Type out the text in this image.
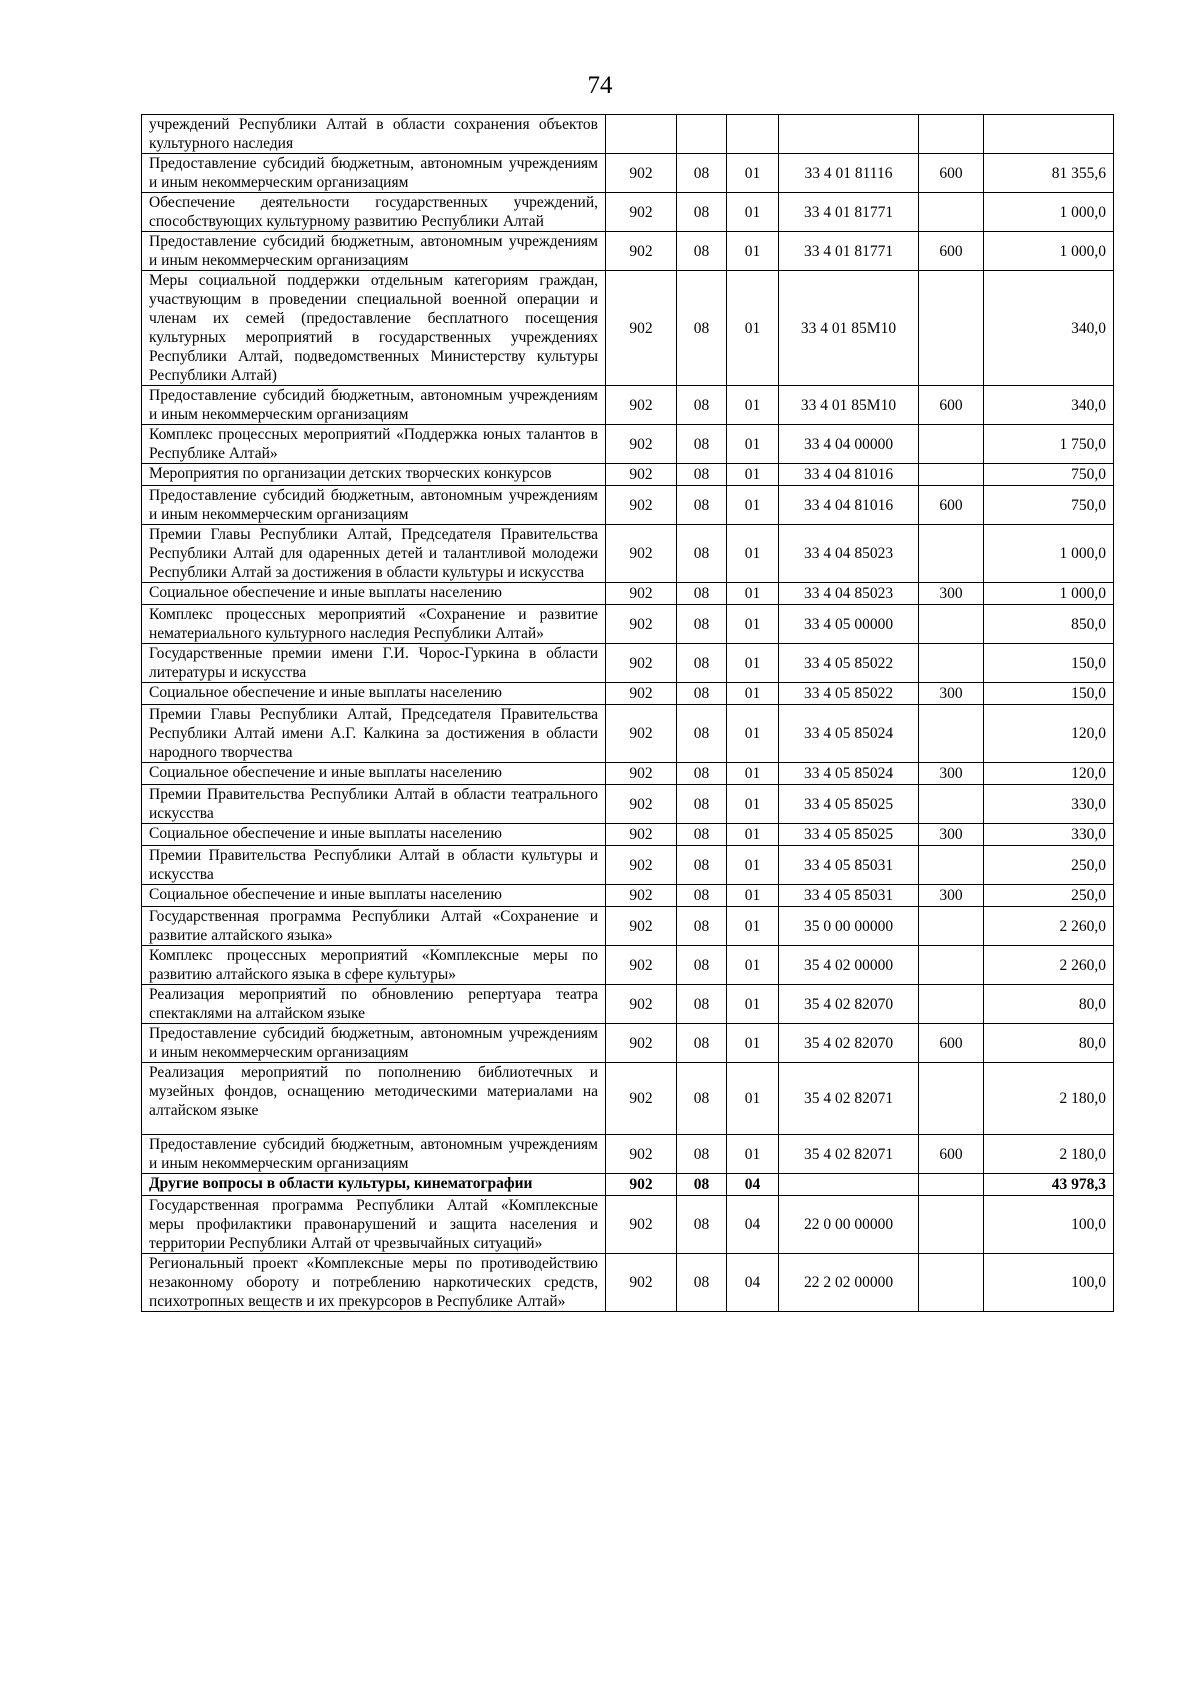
74
учреждений Республики Алтай в области сохранения объектов культурного наследия						
Предоставление субсидий бюджетным, автономным учреждениям и иным некоммерческим организациям	902	08	01	33 4 01 81116	600	81 355,6
Обеспечение деятельности государственных учреждений, способствующих культурному развитию Республики Алтай	902	08	01	33 4 01 81771		1 000,0
Предоставление субсидий бюджетным, автономным учреждениям и иным некоммерческим организациям	902	08	01	33 4 01 81771	600	1 000,0
Меры социальной поддержки отдельным категориям граждан, участвующим в проведении специальной военной операции и членам их семей (предоставление бесплатного посещения культурных мероприятий в государственных учреждениях Республики Алтай, подведомственных Министерству культуры Республики Алтай)	902	08	01	33 4 01 85М10		340,0
Предоставление субсидий бюджетным, автономным учреждениям и иным некоммерческим организациям	902	08	01	33 4 01 85М10	600	340,0
Комплекс процессных мероприятий «Поддержка юных талантов в Республике Алтай»	902	08	01	33 4 04 00000		1 750,0
Мероприятия по организации детских творческих конкурсов	902	08	01	33 4 04 81016		750,0
Предоставление субсидий бюджетным, автономным учреждениям и иным некоммерческим организациям	902	08	01	33 4 04 81016	600	750,0
Премии Главы Республики Алтай, Председателя Правительства Республики Алтай для одаренных детей и талантливой молодежи Республики Алтай за достижения в области культуры и искусства	902	08	01	33 4 04 85023		1 000,0
Социальное обеспечение и иные выплаты населению	902	08	01	33 4 04 85023	300	1 000,0
Комплекс процессных мероприятий «Сохранение и развитие нематериального культурного наследия Республики Алтай»	902	08	01	33 4 05 00000		850,0
Государственные премии имени Г.И. Чорос-Гуркина в области литературы и искусства	902	08	01	33 4 05 85022		150,0
Социальное обеспечение и иные выплаты населению	902	08	01	33 4 05 85022	300	150,0
Премии Главы Республики Алтай, Председателя Правительства Республики Алтай имени А.Г. Калкина за достижения в области народного творчества	902	08	01	33 4 05 85024		120,0
Социальное обеспечение и иные выплаты населению	902	08	01	33 4 05 85024	300	120,0
Премии Правительства Республики Алтай в области театрального искусства	902	08	01	33 4 05 85025		330,0
Социальное обеспечение и иные выплаты населению	902	08	01	33 4 05 85025	300	330,0
Премии Правительства Республики Алтай в области культуры и искусства	902	08	01	33 4 05 85031		250,0
Социальное обеспечение и иные выплаты населению	902	08	01	33 4 05 85031	300	250,0
Государственная программа Республики Алтай «Сохранение и развитие алтайского языка»	902	08	01	35 0 00 00000		2 260,0
Комплекс процессных мероприятий «Комплексные меры по развитию алтайского языка в сфере культуры»	902	08	01	35 4 02 00000		2 260,0
Реализация мероприятий по обновлению репертуара театра спектаклями на алтайском языке	902	08	01	35 4 02 82070		80,0
Предоставление субсидий бюджетным, автономным учреждениям и иным некоммерческим организациям	902	08	01	35 4 02 82070	600	80,0
Реализация мероприятий по пополнению библиотечных и музейных фондов, оснащению методическими материалами на алтайском языке	902	08	01	35 4 02 82071		2 180,0
Предоставление субсидий бюджетным, автономным учреждениям и иным некоммерческим организациям	902	08	01	35 4 02 82071	600	2 180,0
Другие вопросы в области культуры, кинематографии	902	08	04			43 978,3
Государственная программа Республики Алтай «Комплексные меры профилактики правонарушений и защита населения и территории Республики Алтай от чрезвычайных ситуаций»	902	08	04	22 0 00 00000		100,0
Региональный проект «Комплексные меры по противодействию незаконному обороту и потреблению наркотических средств, психотропных веществ и их прекурсоров в Республике Алтай»	902	08	04	22 2 02 00000		100,0
